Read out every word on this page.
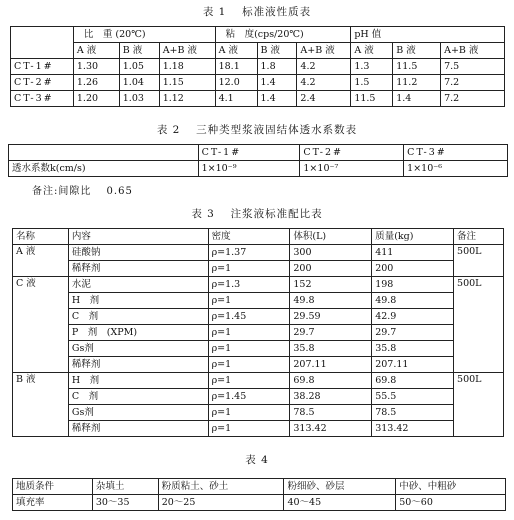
表 1　 标准液性质表
	比　重 (20℃)			粘　度(cps/20℃)			pH 值		
	A 液	B 液	A+B 液	A 液	B 液	A+B 液	A 液	B 液	A+B 液
CT-1#	1.30	1.05	1.18	18.1	1.8	4.2	1.3	11.5	7.5
CT-2#	1.26	1.04	1.15	12.0	1.4	4.2	1.5	11.2	7.2
CT-3#	1.20	1.03	1.12	4.1	1.4	2.4	11.5	1.4	7.2
表 2　 三种类型浆液固结体透水系数表
	CT-1#	CT-2#	CT-3#
透水系数k(cm/s)	1×10⁻⁹	1×10⁻⁷	1×10⁻⁶
备注:间隙比　 0.65
表 3　 注浆液标准配比表
名称	内容	密度	体积(L)	质量(kg)	备注
A 液	硅酸钠	ρ=1.37	300	411	500L
	稀释剂	ρ=1	200	200	
C 液	水泥	ρ=1.3	152	198	500L
	H　剂	ρ=1	49.8	49.8	
	C　剂	ρ=1.45	29.59	42.9	
	P　剂　(XPM)	ρ=1	29.7	29.7	
	Gs剂	ρ=1	35.8	35.8	
	稀释剂	ρ=1	207.11	207.11	
B 液	H　剂	ρ=1	69.8	69.8	500L
	C　剂	ρ=1.45	38.28	55.5	
	Gs剂	ρ=1	78.5	78.5	
	稀释剂	ρ=1	313.42	313.42	
表 4
地质条件	杂填土	粉质粘土、砂土	粉细砂、砂层	中砂、中粗砂
填充率	30～35	20～25	40～45	50～60
